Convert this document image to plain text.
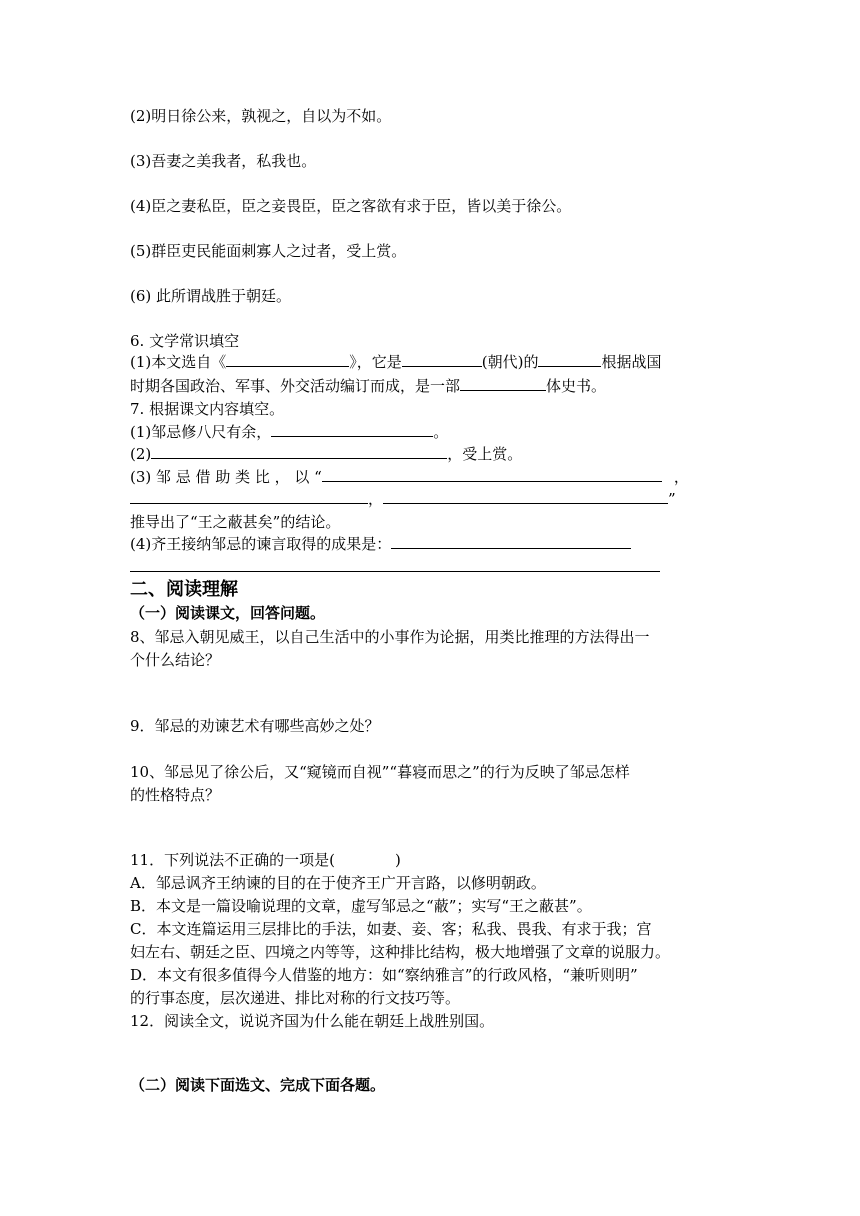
(2)明日徐公来，孰视之，自以为不如。
(3)吾妻之美我者，私我也。
(4)臣之妻私臣，臣之妾畏臣，臣之客欲有求于臣，皆以美于徐公。
(5)群臣吏民能面刺寡人之过者，受上赏。
(6) 此所谓战胜于朝廷。
6. 文学常识填空
(1)本文选自《	》，它是	(朝代)的	根据战国
时期各国政治、军事、外交活动编订而成，是一部	体史书。
7. 根据课文内容填空。
(1)邹忌修八尺有余，	。
(2)	，受上赏。
(3) 邹 忌 借 助 类 比 ， 以 “	，
，	”
推导出了“王之蔽甚矣”的结论。
(4)齐王接纳邹忌的谏言取得的成果是：
二、阅读理解
（一）阅读课文，回答问题。
8、邹忌入朝见威王，以自己生活中的小事作为论据，用类比推理的方法得出一
个什么结论？
9．邹忌的劝谏艺术有哪些高妙之处？
10、邹忌见了徐公后，又“窥镜而自视”“暮寝而思之”的行为反映了邹忌怎样
的性格特点？
11．下列说法不正确的一项是(　　　　)
A．邹忌讽齐王纳谏的目的在于使齐王广开言路，以修明朝政。
B．本文是一篇设喻说理的文章，虚写邹忌之“蔽”；实写“王之蔽甚”。
C．本文连篇运用三层排比的手法，如妻、妾、客；私我、畏我、有求于我；宫
妇左右、朝廷之臣、四境之内等等，这种排比结构，极大地增强了文章的说服力。
D．本文有很多值得今人借鉴的地方：如“察纳雅言”的行政风格，“兼听则明”
的行事态度，层次递进、排比对称的行文技巧等。
12．阅读全文，说说齐国为什么能在朝廷上战胜别国。
（二）阅读下面选文、完成下面各题。
